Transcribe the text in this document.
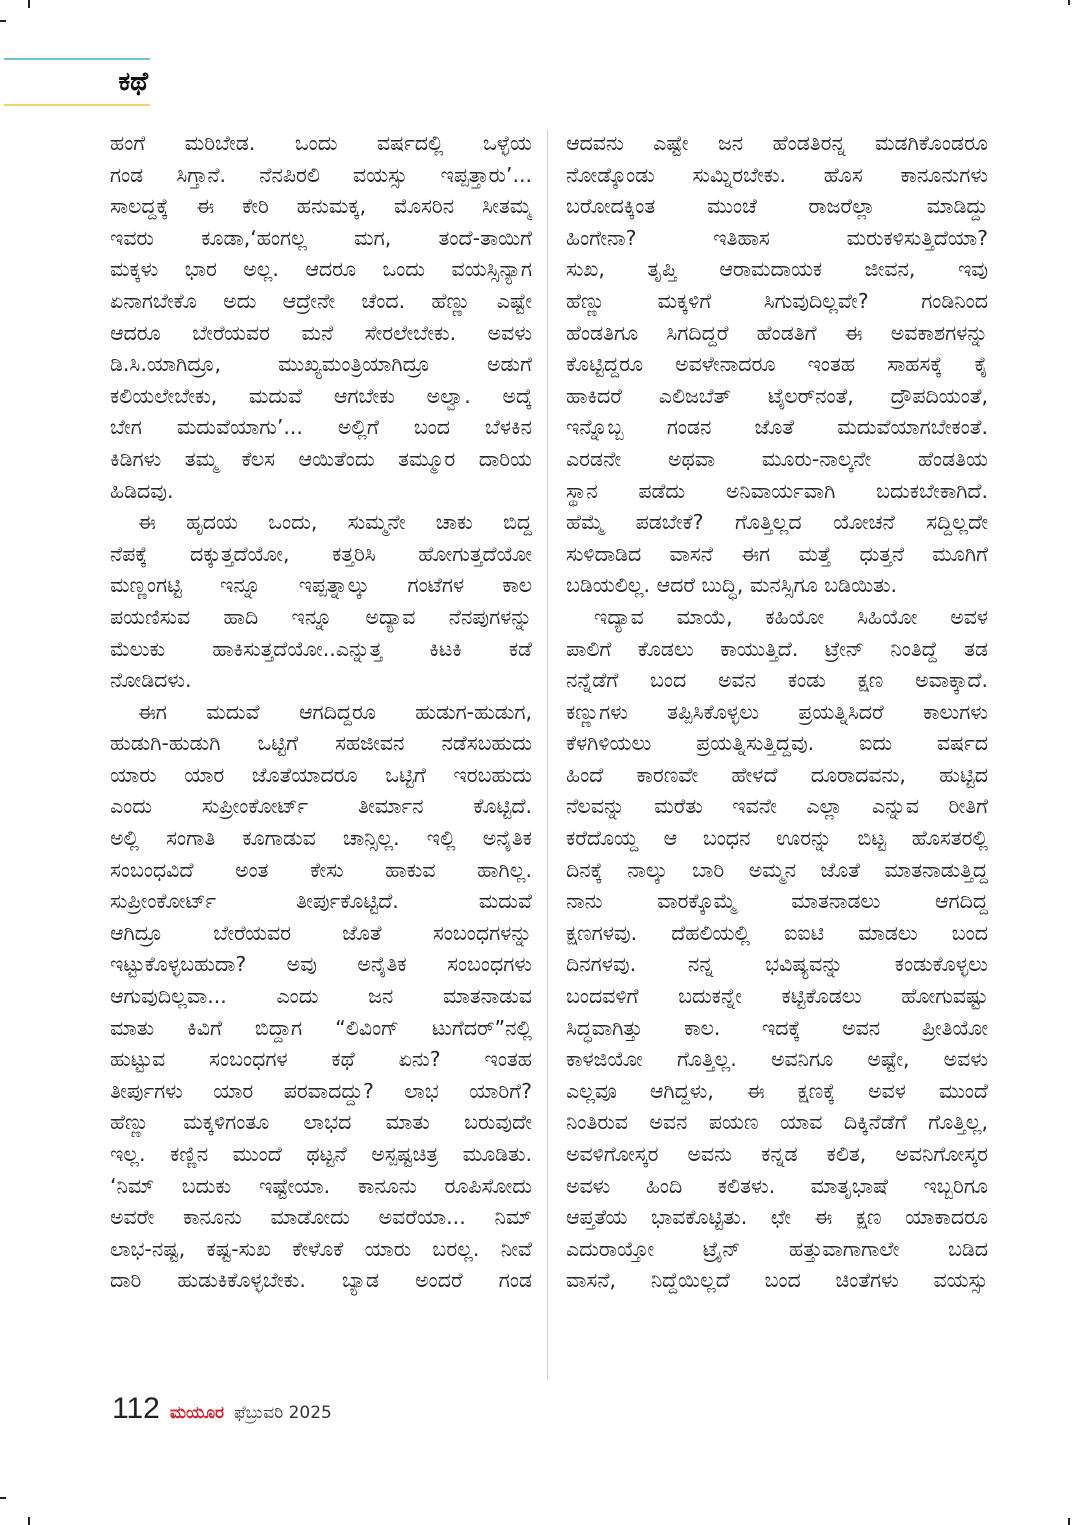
ಕಥೆ
ಹಂಗೆ ಮರಿಬೇಡ. ಒಂದು ವರ್ಷದಲ್ಲಿ ಒಳ್ಳೆಯ
ಗಂಡ ಸಿಗ್ತಾನೆ. ನೆನಪಿರಲಿ ವಯಸ್ಸು ಇಪ್ಪತ್ತಾರು’...
ಸಾಲದ್ದಕ್ಕೆ ಈ ಕೇರಿ ಹನುಮಕ್ಕ, ಮೊಸರಿನ ಸೀತಮ್ಮ
ಇವರು ಕೂಡಾ,‘ಹಂಗಲ್ಲ ಮಗ, ತಂದೆ-ತಾಯಿಗೆ
ಮಕ್ಕಳು ಭಾರ ಅಲ್ಲ. ಆದರೂ ಒಂದು ವಯಸ್ಸಿನ್ಯಾಗ
ಏನಾಗಬೇಕೊ ಅದು ಆದ್ರೇನೇ ಚೆಂದ. ಹೆಣ್ಣು ಎಷ್ಟೇ
ಆದರೂ ಬೇರೆಯವರ ಮನೆ ಸೇರಲೇಬೇಕು. ಅವಳು
ಡಿ.ಸಿ.ಯಾಗಿದ್ರೂ, ಮುಖ್ಯಮಂತ್ರಿಯಾಗಿದ್ರೂ ಅಡುಗೆ
ಕಲಿಯಲೇಬೇಕು, ಮದುವೆ ಆಗಬೇಕು ಅಲ್ವಾ. ಅದ್ಕೆ
ಬೇಗ ಮದುವೆಯಾಗು’... ಅಲ್ಲಿಗೆ ಬಂದ ಬೆಳಕಿನ
ಕಿಡಿಗಳು ತಮ್ಮ ಕೆಲಸ ಆಯಿತೆಂದು ತಮ್ಮೂರ ದಾರಿಯ
ಹಿಡಿದವು.
ಈ ಹೃದಯ ಒಂದು, ಸುಮ್ಮನೇ ಚಾಕು ಬಿದ್ದ
ನೆಪಕ್ಕೆ ದಕ್ಕುತ್ತದೆಯೋ, ಕತ್ತರಿಸಿ ಹೋಗುತ್ತದೆಯೋ
ಮಣ್ಣಂಗಟ್ಟಿ ಇನ್ನೂ ಇಪ್ಪತ್ನಾಲ್ಕು ಗಂಟೆಗಳ ಕಾಲ
ಪಯಣಿಸುವ ಹಾದಿ ಇನ್ನೂ ಅದ್ಯಾವ ನೆನಪುಗಳನ್ನು
ಮೆಲುಕು ಹಾಕಿಸುತ್ತದೆಯೋ..ಎನ್ನುತ್ತ ಕಿಟಕಿ ಕಡೆ
ನೋಡಿದಳು.
ಈಗ ಮದುವೆ ಆಗದಿದ್ದರೂ ಹುಡುಗ-ಹುಡುಗ,
ಹುಡುಗಿ-ಹುಡುಗಿ ಒಟ್ಟಿಗೆ ಸಹಜೀವನ ನಡೆಸಬಹುದು
ಯಾರು ಯಾರ ಜೊತೆಯಾದರೂ ಒಟ್ಟಿಗೆ ಇರಬಹುದು
ಎಂದು ಸುಪ್ರೀಂಕೋರ್ಟ್ ತೀರ್ಮಾನ ಕೊಟ್ಟಿದೆ.
ಅಲ್ಲಿ ಸಂಗಾತಿ ಕೂಗಾಡುವ ಚಾನ್ಸಿಲ್ಲ. ಇಲ್ಲಿ ಅನೈತಿಕ
ಸಂಬಂಧವಿದೆ ಅಂತ ಕೇಸು ಹಾಕುವ ಹಾಗಿಲ್ಲ.
ಸುಪ್ರೀಂಕೋರ್ಟ್ ತೀರ್ಪುಕೊಟ್ಟಿದೆ. ಮದುವೆ
ಆಗಿದ್ರೂ ಬೇರೆಯವರ ಜೊತೆ ಸಂಬಂಧಗಳನ್ನು
ಇಟ್ಟುಕೊಳ್ಳಬಹುದಾ? ಅವು ಅನೈತಿಕ ಸಂಬಂಧಗಳು
ಆಗುವುದಿಲ್ಲವಾ... ಎಂದು ಜನ ಮಾತನಾಡುವ
ಮಾತು ಕಿವಿಗೆ ಬಿದ್ದಾಗ “ಲಿವಿಂಗ್ ಟುಗೆದರ್”ನಲ್ಲಿ
ಹುಟ್ಟುವ ಸಂಬಂಧಗಳ ಕಥೆ ಏನು? ಇಂತಹ
ತೀರ್ಪುಗಳು ಯಾರ ಪರವಾದದ್ದು? ಲಾಭ ಯಾರಿಗೆ?
ಹೆಣ್ಣು ಮಕ್ಕಳಿಗಂತೂ ಲಾಭದ ಮಾತು ಬರುವುದೇ
ಇಲ್ಲ. ಕಣ್ಣಿನ ಮುಂದೆ ಥಟ್ಟನೆ ಅಸ್ಪಷ್ಟಚಿತ್ರ ಮೂಡಿತು.
‘ನಿಮ್ ಬದುಕು ಇಷ್ಟೇಯಾ. ಕಾನೂನು ರೂಪಿಸೋದು
ಅವರೇ ಕಾನೂನು ಮಾಡೋದು ಅವರೆಯಾ... ನಿಮ್
ಲಾಭ-ನಷ್ಟ, ಕಷ್ಟ-ಸುಖ ಕೇಳೊಕೆ ಯಾರು ಬರಲ್ಲ. ನೀವೆ
ದಾರಿ ಹುಡುಕಿಕೊಳ್ಳಬೇಕು. ಬ್ಯಾಡ ಅಂದರೆ ಗಂಡ
ಆದವನು ಎಷ್ಟೇ ಜನ ಹೆಂಡತಿರನ್ನ ಮಡಗಿಕೊಂಡರೂ
ನೋಡ್ಕೊಂಡು ಸುಮ್ನಿರಬೇಕು. ಹೊಸ ಕಾನೂನುಗಳು
ಬರೋದಕ್ಕಿಂತ ಮುಂಚೆ ರಾಜರೆಲ್ಲಾ ಮಾಡಿದ್ದು
ಹಿಂಗೇನಾ? ಇತಿಹಾಸ ಮರುಕಳಿಸುತ್ತಿದೆಯಾ?
ಸುಖ, ತೃಪ್ತಿ ಆರಾಮದಾಯಕ ಜೀವನ, ಇವು
ಹೆಣ್ಣು ಮಕ್ಕಳಿಗೆ ಸಿಗುವುದಿಲ್ಲವೇ? ಗಂಡಿನಿಂದ
ಹೆಂಡತಿಗೂ ಸಿಗದಿದ್ದರೆ ಹೆಂಡತಿಗೆ ಈ ಅವಕಾಶಗಳನ್ನು
ಕೊಟ್ಟಿದ್ದರೂ ಅವಳೇನಾದರೂ ಇಂತಹ ಸಾಹಸಕ್ಕೆ ಕೈ
ಹಾಕಿದರೆ ಎಲಿಜಬೆತ್ ಟೈಲರ್‌ನಂತೆ, ದ್ರೌಪದಿಯಂತೆ,
ಇನ್ನೊಬ್ಬ ಗಂಡನ ಜೊತೆ ಮದುವೆಯಾಗಬೇಕಂತೆ.
ಎರಡನೇ ಅಥವಾ ಮೂರು-ನಾಲ್ಕನೇ ಹೆಂಡತಿಯ
ಸ್ಥಾನ ಪಡೆದು ಅನಿವಾರ್ಯವಾಗಿ ಬದುಕಬೇಕಾಗಿದೆ.
ಹೆಮ್ಮೆ ಪಡಬೇಕೆ? ಗೊತ್ತಿಲ್ಲದ ಯೋಚನೆ ಸದ್ದಿಲ್ಲದೇ
ಸುಳಿದಾಡಿದ ವಾಸನೆ ಈಗ ಮತ್ತೆ ಧುತ್ತನೆ ಮೂಗಿಗೆ
ಬಡಿಯಲಿಲ್ಲ. ಆದರೆ ಬುದ್ಧಿ, ಮನಸ್ಸಿಗೂ ಬಡಿಯಿತು.
ಇದ್ಯಾವ ಮಾಯೆ, ಕಹಿಯೋ ಸಿಹಿಯೋ ಅವಳ
ಪಾಲಿಗೆ ಕೊಡಲು ಕಾಯುತ್ತಿದೆ. ಟ್ರೇನ್ ನಿಂತಿದ್ದೆ ತಡ
ನನ್ನೆಡೆಗೆ ಬಂದ ಅವನ ಕಂಡು ಕ್ಷಣ ಅವಾಕ್ಕಾದೆ.
ಕಣ್ಣುಗಳು ತಪ್ಪಿಸಿಕೊಳ್ಳಲು ಪ್ರಯತ್ನಿಸಿದರೆ ಕಾಲುಗಳು
ಕೆಳಗಿಳಿಯಲು ಪ್ರಯತ್ನಿಸುತ್ತಿದ್ದವು. ಐದು ವರ್ಷದ
ಹಿಂದೆ ಕಾರಣವೇ ಹೇಳದೆ ದೂರಾದವನು, ಹುಟ್ಟಿದ
ನೆಲವನ್ನು ಮರೆತು ಇವನೇ ಎಲ್ಲಾ ಎನ್ನುವ ರೀತಿಗೆ
ಕರೆದೊಯ್ದ ಆ ಬಂಧನ ಊರನ್ನು ಬಿಟ್ಟ ಹೊಸತರಲ್ಲಿ
ದಿನಕ್ಕೆ ನಾಲ್ಕು ಬಾರಿ ಅಮ್ಮನ ಜೊತೆ ಮಾತನಾಡುತ್ತಿದ್ದ
ನಾನು ವಾರಕ್ಕೊಮ್ಮೆ ಮಾತನಾಡಲು ಆಗದಿದ್ದ
ಕ್ಷಣಗಳವು. ದೆಹಲಿಯಲ್ಲಿ ಐಐಟಿ ಮಾಡಲು ಬಂದ
ದಿನಗಳವು. ನನ್ನ ಭವಿಷ್ಯವನ್ನು ಕಂಡುಕೊಳ್ಳಲು
ಬಂದವಳಿಗೆ ಬದುಕನ್ನೇ ಕಟ್ಟಿಕೊಡಲು ಹೋಗುವಷ್ಟು
ಸಿದ್ಧವಾಗಿತ್ತು ಕಾಲ. ಇದಕ್ಕೆ ಅವನ ಪ್ರೀತಿಯೋ
ಕಾಳಜಿಯೋ ಗೊತ್ತಿಲ್ಲ. ಅವನಿಗೂ ಅಷ್ಟೇ, ಅವಳು
ಎಲ್ಲವೂ ಆಗಿದ್ದಳು, ಈ ಕ್ಷಣಕ್ಕೆ ಅವಳ ಮುಂದೆ
ನಿಂತಿರುವ ಅವನ ಪಯಣ ಯಾವ ದಿಕ್ಕಿನೆಡೆಗೆ ಗೊತ್ತಿಲ್ಲ,
ಅವಳಿಗೋಸ್ಕರ ಅವನು ಕನ್ನಡ ಕಲಿತ, ಅವನಿಗೋಸ್ಕರ
ಅವಳು ಹಿಂದಿ ಕಲಿತಳು. ಮಾತೃಭಾಷೆ ಇಬ್ಬರಿಗೂ
ಆಪ್ತತೆಯ ಭಾವಕೊಟ್ಟಿತು. ಛೇ ಈ ಕ್ಷಣ ಯಾಕಾದರೂ
ಎದುರಾಯ್ತೋ ಟ್ರೈನ್ ಹತ್ತುವಾಗಾಗಾಲೇ ಬಡಿದ
ವಾಸನೆ, ನಿದ್ದೆಯಿಲ್ಲದೆ ಬಂದ ಚಿಂತೆಗಳು ವಯಸ್ಸು
112 ಮಯೂರ ಫೆಬ್ರುವರಿ 2025
